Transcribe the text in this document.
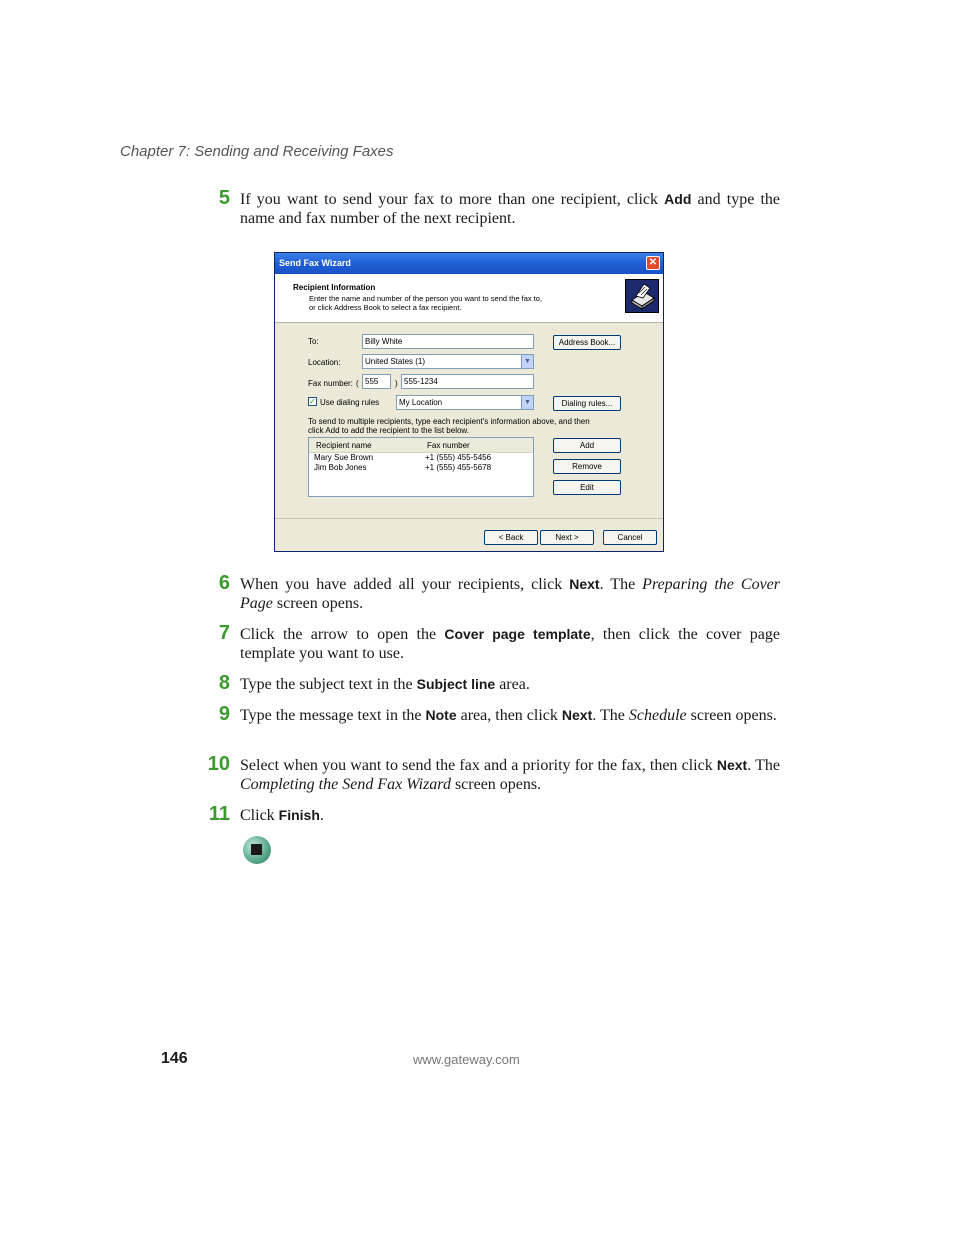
Chapter 7: Sending and Receiving Faxes
5 If you want to send your fax to more than one recipient, click Add and type the name and fax number of the next recipient.
Send Fax Wizard	✕
Recipient Information
Enter the name and number of the person you want to send the fax to,
or click Address Book to select a fax recipient.
To:	Billy White	Address Book...
Location:	United States (1)	▼
Fax number: ( 555	) 555-1234
✓ Use dialing rules	My Location	▼	Dialing rules...
To send to multiple recipients, type each recipient's information above, and then
click Add to add the recipient to the list below.
Recipient name	Fax number
Mary Sue Brown	+1 (555) 455-5456
Jim Bob Jones	+1 (555) 455-5678
Add
Remove
Edit
< Back	Next >	Cancel
6 When you have added all your recipients, click Next. The Preparing the Cover Page screen opens.
7 Click the arrow to open the Cover page template, then click the cover page template you want to use.
8 Type the subject text in the Subject line area.
9 Type the message text in the Note area, then click Next. The Schedule screen opens.
10 Select when you want to send the fax and a priority for the fax, then click Next. The Completing the Send Fax Wizard screen opens.
11 Click Finish.
146	www.gateway.com
